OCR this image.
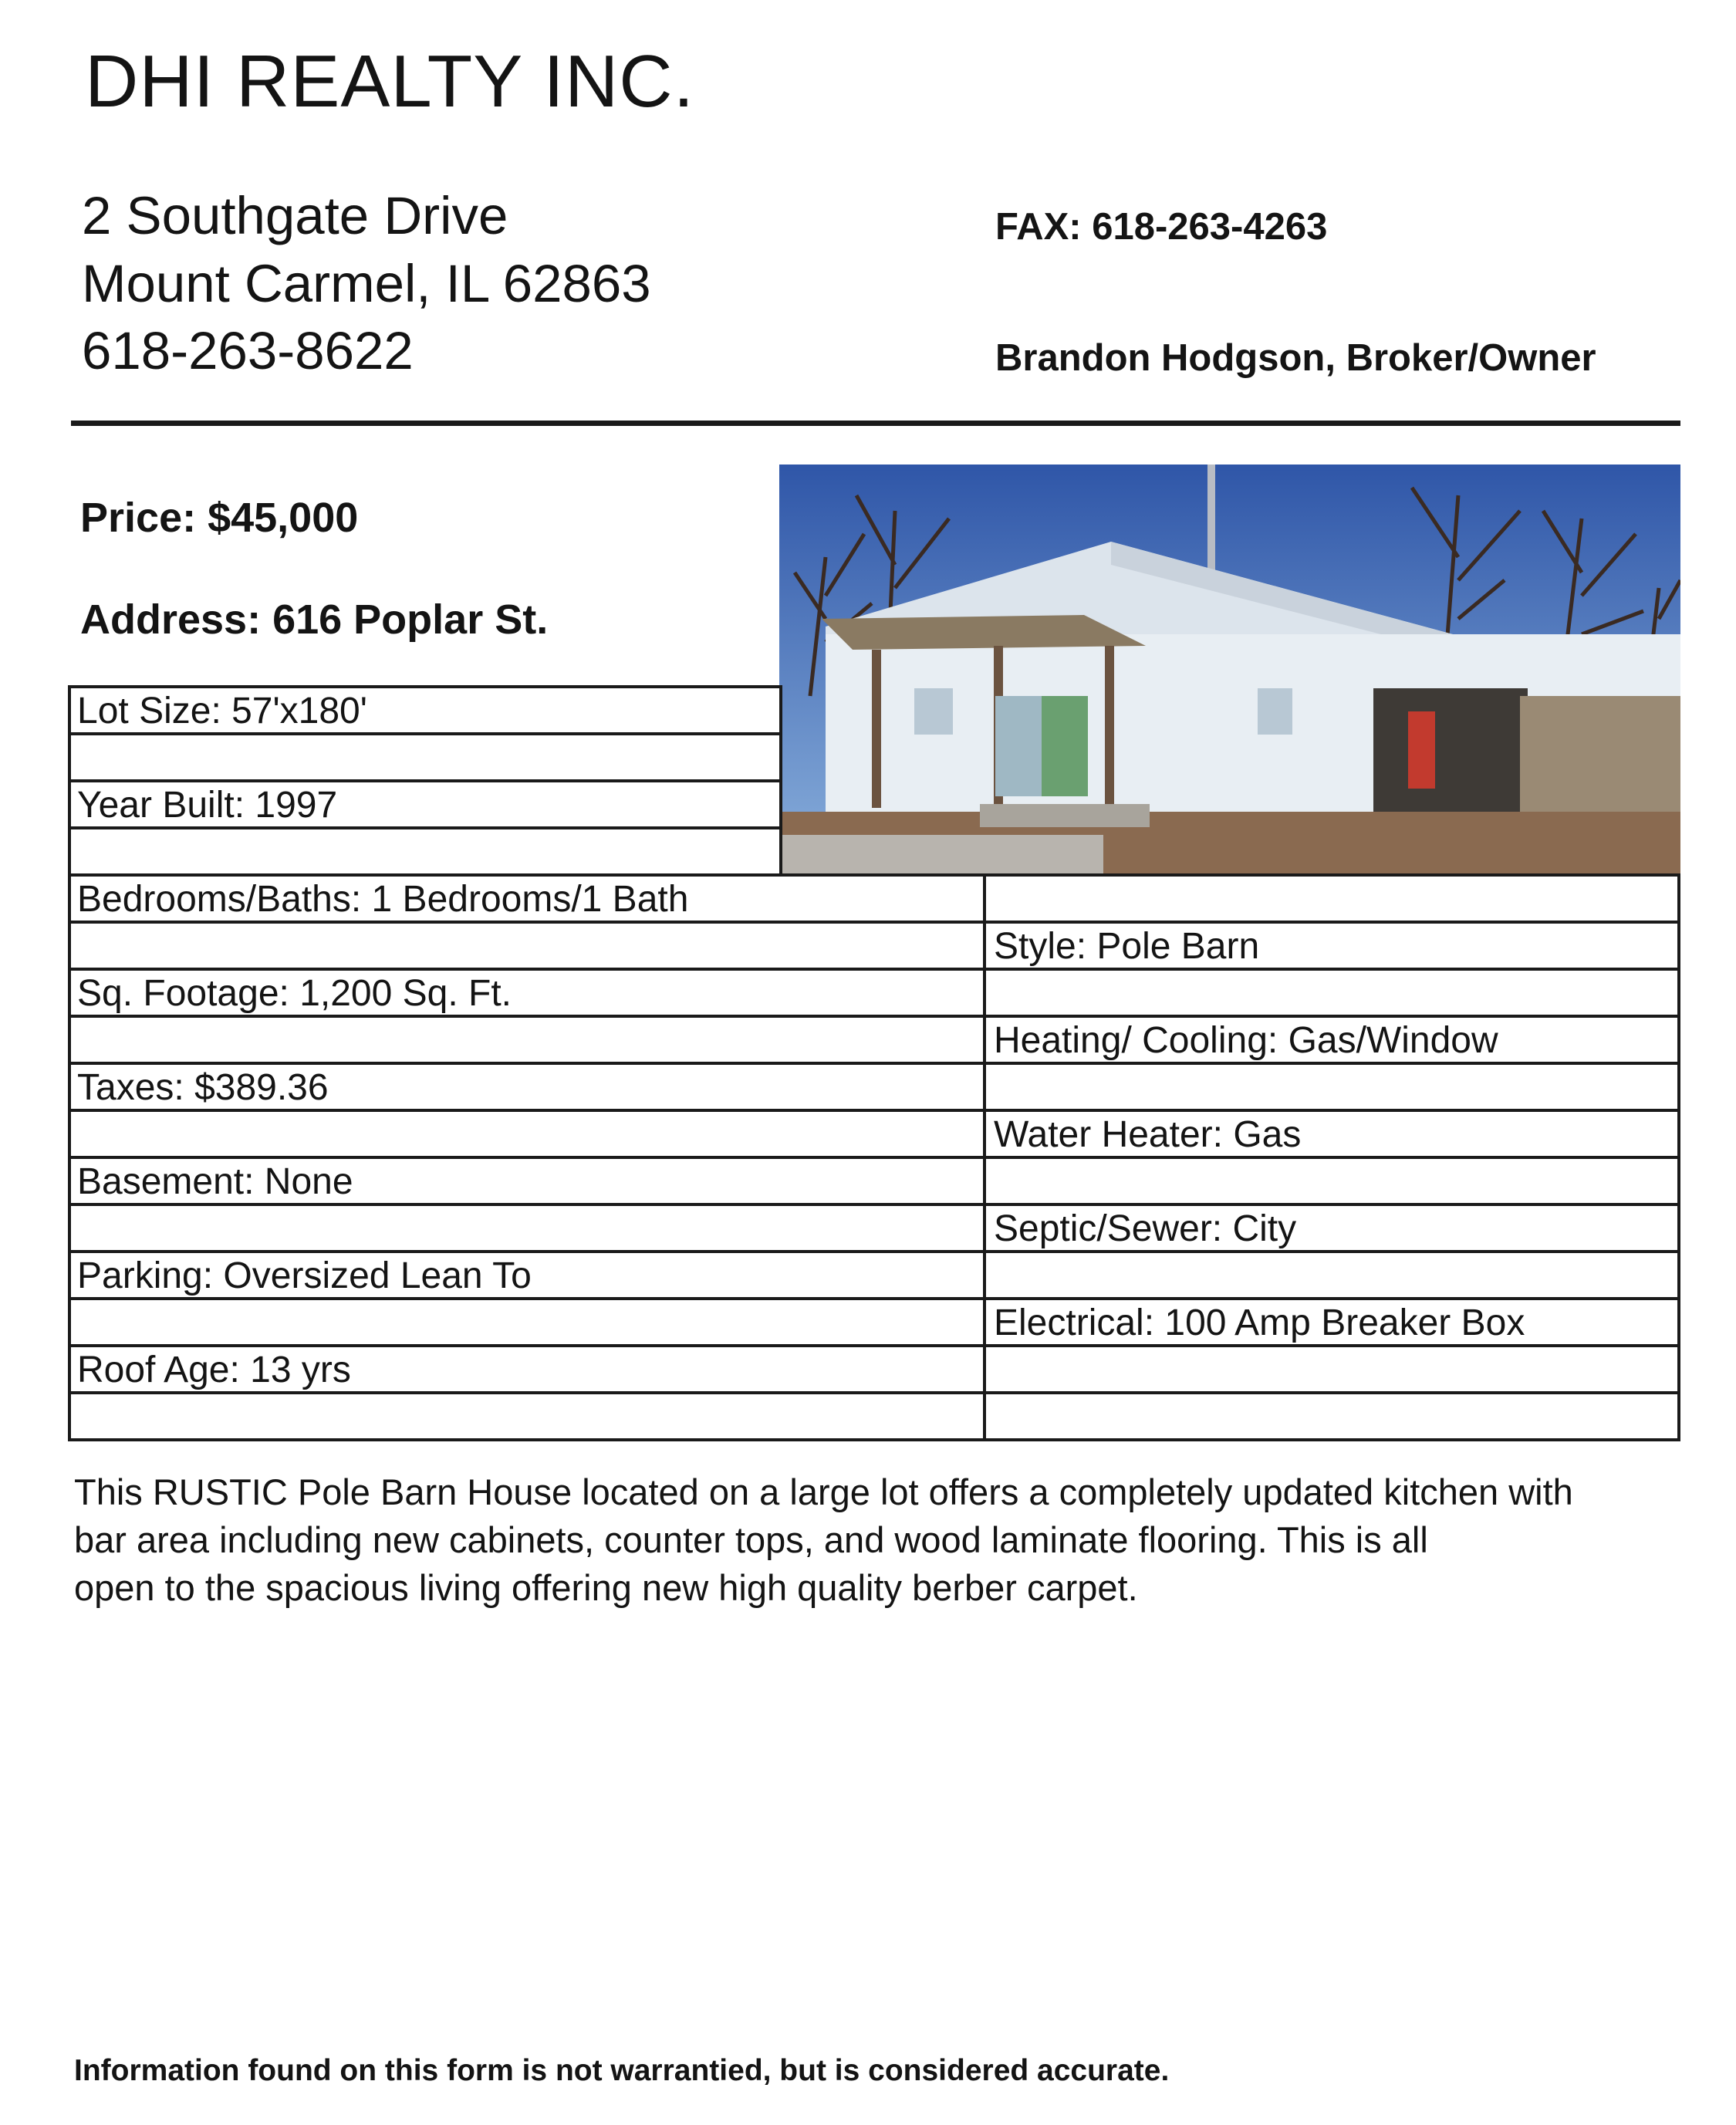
DHI REALTY INC.
2 Southgate Drive
Mount Carmel, IL 62863
618-263-8622
FAX: 618-263-4263
Brandon Hodgson, Broker/Owner
Price: $45,000
Address: 616 Poplar St.
Lot Size: 57'x180'
Year Built: 1997
Bedrooms/Baths: 1 Bedrooms/1 Bath
Sq. Footage: 1,200 Sq. Ft.
Taxes: $389.36
Basement: None
Parking: Oversized Lean To
Roof Age: 13 yrs
Style: Pole Barn
Heating/ Cooling: Gas/Window
Water Heater: Gas
Septic/Sewer: City
Electrical: 100 Amp Breaker Box
This RUSTIC Pole Barn House located on a large lot offers a completely updated kitchen with
bar area including new cabinets, counter tops, and wood laminate flooring. This is all
open to the spacious living offering new high quality berber carpet.
Information found on this form is not warrantied, but is considered accurate.
